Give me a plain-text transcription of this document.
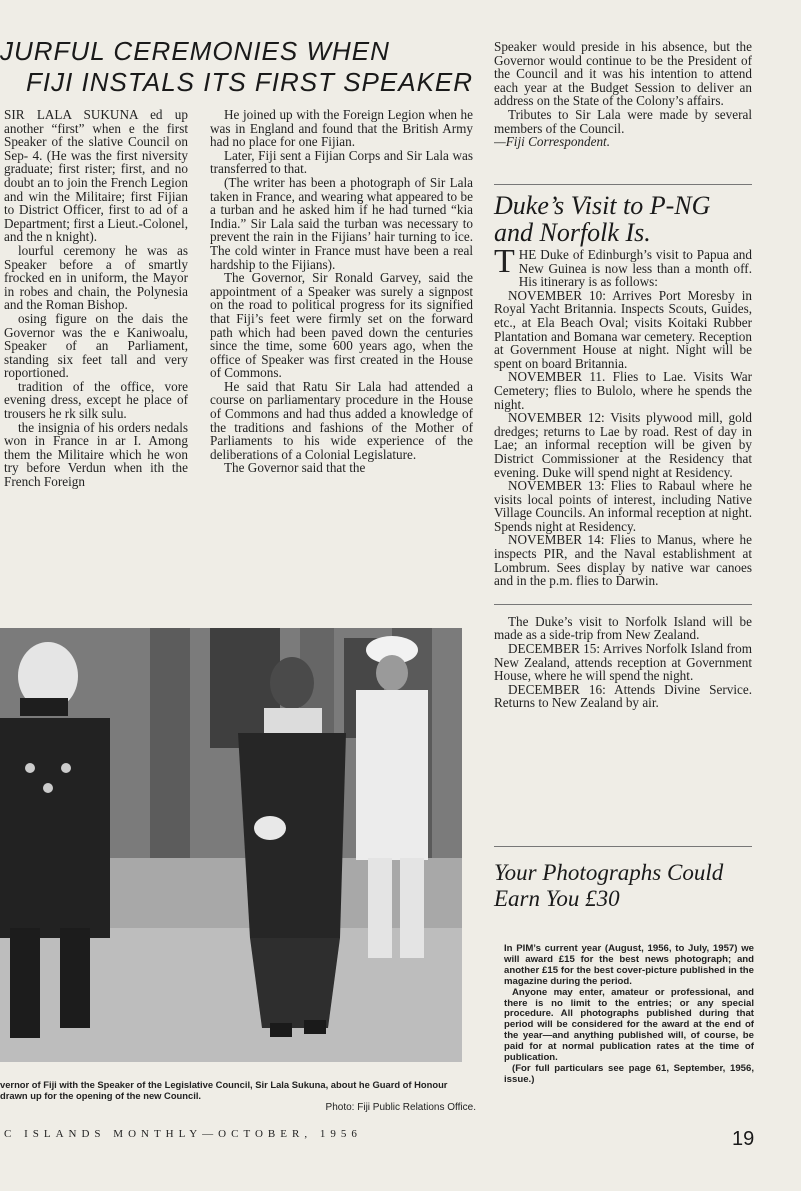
JURFUL CEREMONIES WHEN
FIJI INSTALS ITS FIRST SPEAKER

SIR LALA SUKUNA ed up another “first” when e the first Speaker of the slative Council on Sep- 4. (He was the first niversity graduate; first rister; first, and no doubt an to join the French Legion and win the Militaire; first Fijian to District Officer, first to ad of a Department; first a Lieut.-Colonel, and the n knight).

lourful ceremony he was as Speaker before a of smartly frocked en in uniform, the Mayor in robes and chain, the Polynesia and the Roman Bishop.

osing figure on the dais the Governor was the e Kaniwoalu, Speaker of an Parliament, standing six feet tall and very roportioned.

tradition of the office, vore evening dress, except he place of trousers he rk silk sulu.

the insignia of his orders nedals won in France in ar I. Among them the Militaire which he won try before Verdun when ith the French Foreign

He joined up with the Foreign Legion when he was in England and found that the British Army had no place for one Fijian.

Later, Fiji sent a Fijian Corps and Sir Lala was transferred to that.

(The writer has been a photograph of Sir Lala taken in France, and wearing what appeared to be a turban and he asked him if he had turned “kia India.” Sir Lala said the turban was necessary to prevent the rain in the Fijians’ hair turning to ice. The cold winter in France must have been a real hardship to the Fijians).

The Governor, Sir Ronald Garvey, said the appointment of a Speaker was surely a signpost on the road to political progress for its signified that Fiji’s feet were firmly set on the forward path which had been paved down the centuries since the time, some 600 years ago, when the office of Speaker was first created in the House of Commons.

He said that Ratu Sir Lala had attended a course on parliamentary procedure in the House of Commons and had thus added a knowledge of the traditions and fashions of the Mother of Parliaments to his wide experience of the deliberations of a Colonial Legislature.

The Governor said that the

Speaker would preside in his absence, but the Governor would continue to be the President of the Council and it was his intention to attend each year at the Budget Session to deliver an address on the State of the Colony’s affairs.

Tributes to Sir Lala were made by several members of the Council.

—Fiji Correspondent.

Duke’s Visit to P-NG and Norfolk Is.

THE Duke of Edinburgh’s visit to Papua and New Guinea is now less than a month off. His itinerary is as follows:

NOVEMBER 10: Arrives Port Moresby in Royal Yacht Britannia. Inspects Scouts, Guides, etc., at Ela Beach Oval; visits Koitaki Rubber Plantation and Bomana war cemetery. Reception at Government House at night. Night will be spent on board Britannia.

NOVEMBER 11. Flies to Lae. Visits War Cemetery; flies to Bulolo, where he spends the night.

NOVEMBER 12: Visits plywood mill, gold dredges; returns to Lae by road. Rest of day in Lae; an informal reception will be given by District Commissioner at the Residency that evening. Duke will spend night at Residency.

NOVEMBER 13: Flies to Rabaul where he visits local points of interest, including Native Village Councils. An informal reception at night. Spends night at Residency.

NOVEMBER 14: Flies to Manus, where he inspects PIR, and the Naval establishment at Lombrum. Sees display by native war canoes and in the p.m. flies to Darwin.

The Duke’s visit to Norfolk Island will be made as a side-trip from New Zealand.

DECEMBER 15: Arrives Norfolk Island from New Zealand, attends reception at Government House, where he will spend the night.

DECEMBER 16: Attends Divine Service. Returns to New Zealand by air.

Your Photographs Could Earn You £30

In PIM’s current year (August, 1956, to July, 1957) we will award £15 for the best news photograph; and another £15 for the best cover-picture published in the magazine during the period.

Anyone may enter, amateur or professional, and there is no limit to the entries; or any special procedure. All photographs published during that period will be considered for the award at the end of the year—and anything published will, of course, be paid for at normal publication rates at the time of publication.

(For full particulars see page 61, September, 1956, issue.)

vernor of Fiji with the Speaker of the Legislative Council, Sir Lala Sukuna, about he Guard of Honour drawn up for the opening of the new Council.
Photo: Fiji Public Relations Office.
C ISLANDS MONTHLY—OCTOBER, 1956	19
